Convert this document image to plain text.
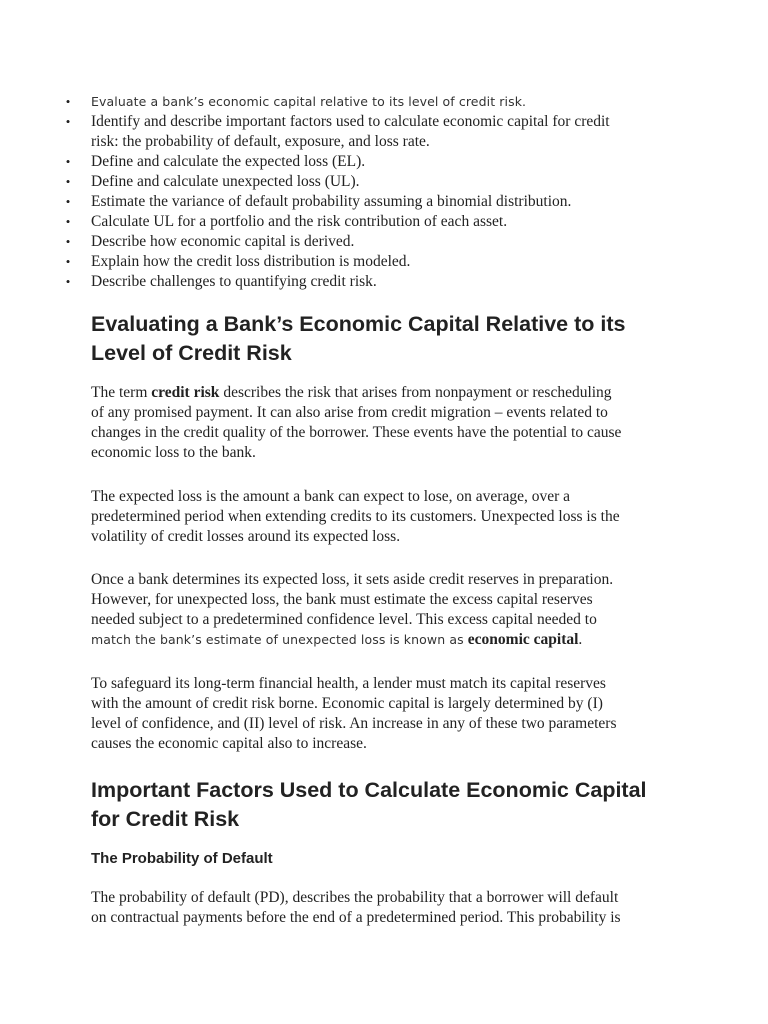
• Evaluate a bank’s economic capital relative to its level of credit risk.
• Identify and describe important factors used to calculate economic capital for credit
risk: the probability of default, exposure, and loss rate.
• Define and calculate the expected loss (EL).
• Define and calculate unexpected loss (UL).
• Estimate the variance of default probability assuming a binomial distribution.
• Calculate UL for a portfolio and the risk contribution of each asset.
• Describe how economic capital is derived.
• Explain how the credit loss distribution is modeled.
• Describe challenges to quantifying credit risk.
Evaluating a Bank’s Economic Capital Relative to its
Level of Credit Risk

The term credit risk describes the risk that arises from nonpayment or rescheduling
of any promised payment. It can also arise from credit migration – events related to
changes in the credit quality of the borrower. These events have the potential to cause
economic loss to the bank.

The expected loss is the amount a bank can expect to lose, on average, over a
predetermined period when extending credits to its customers. Unexpected loss is the
volatility of credit losses around its expected loss.

Once a bank determines its expected loss, it sets aside credit reserves in preparation.
However, for unexpected loss, the bank must estimate the excess capital reserves
needed subject to a predetermined confidence level. This excess capital needed to
match the bank’s estimate of unexpected loss is known as economic capital.

To safeguard its long-term financial health, a lender must match its capital reserves
with the amount of credit risk borne. Economic capital is largely determined by (I)
level of confidence, and (II) level of risk. An increase in any of these two parameters
causes the economic capital also to increase.

Important Factors Used to Calculate Economic Capital
for Credit Risk
The Probability of Default

The probability of default (PD), describes the probability that a borrower will default
on contractual payments before the end of a predetermined period. This probability is
